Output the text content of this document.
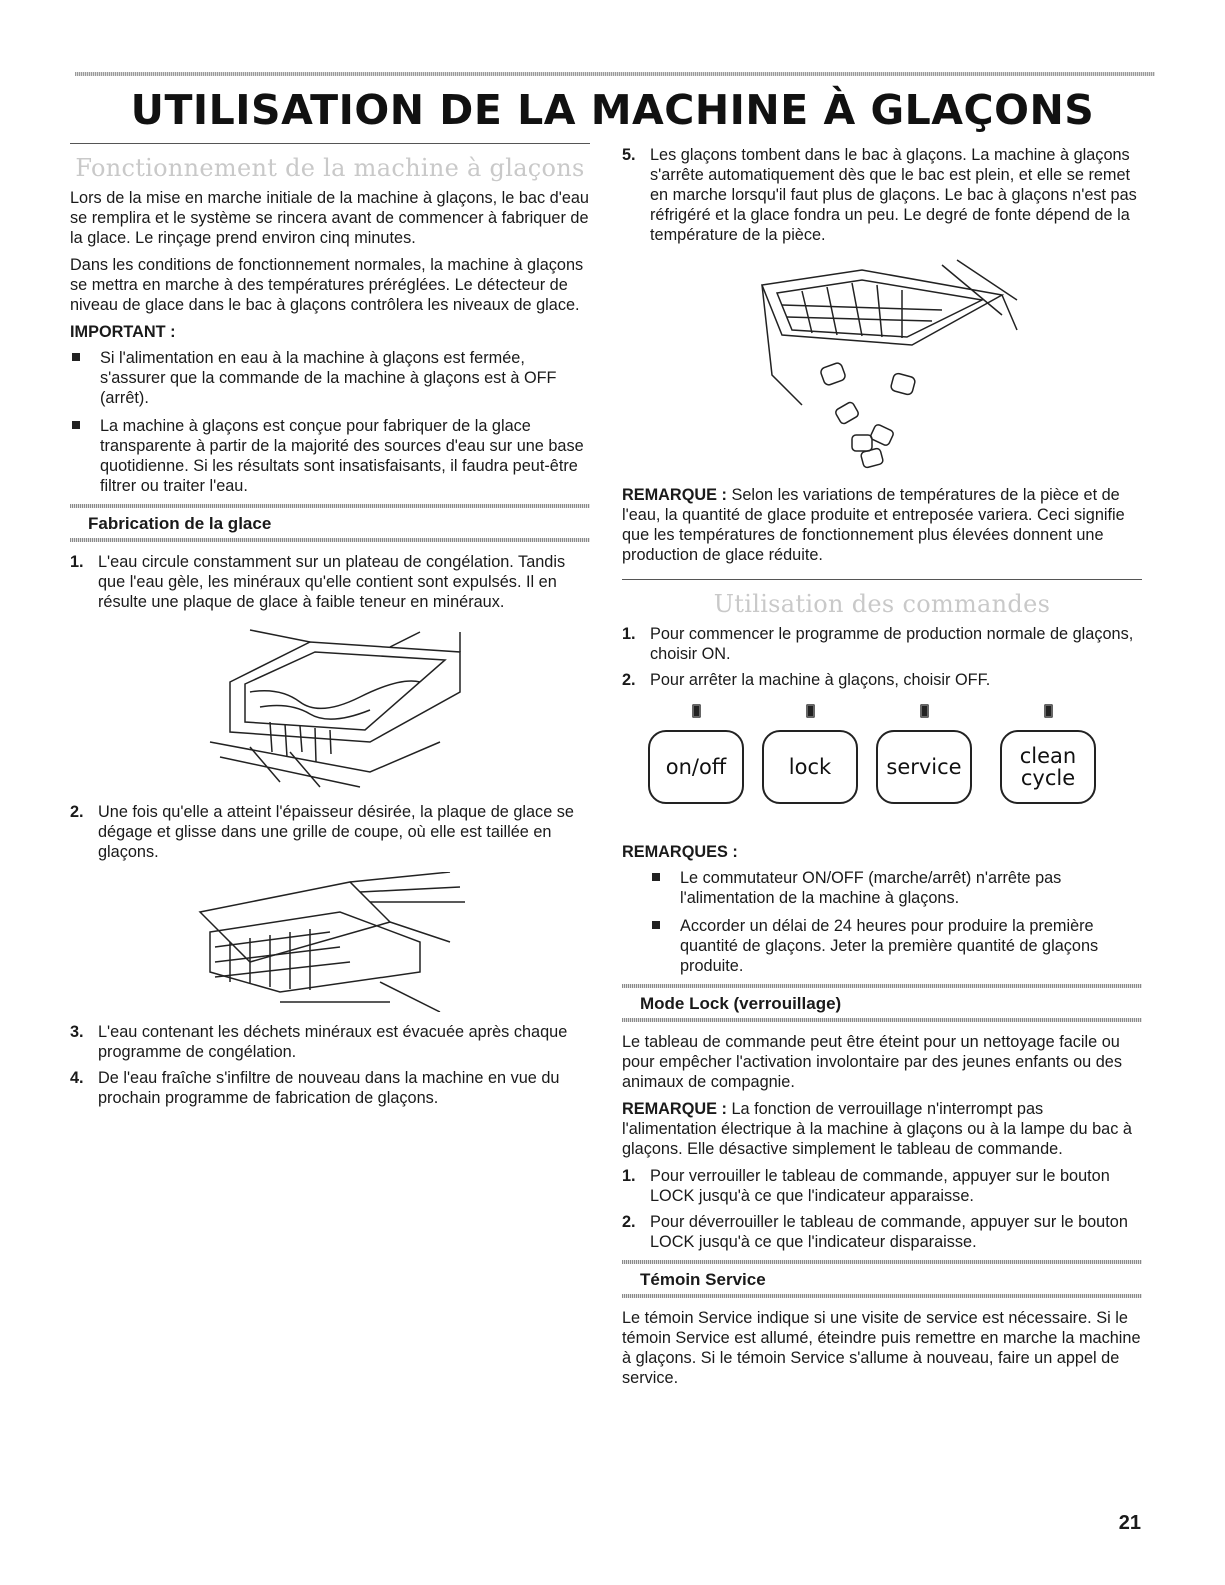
UTILISATION DE LA MACHINE À GLAÇONS
Fonctionnement de la machine à glaçons

Lors de la mise en marche initiale de la machine à glaçons, le bac d'eau se remplira et le système se rincera avant de commencer à fabriquer de la glace. Le rinçage prend environ cinq minutes.

Dans les conditions de fonctionnement normales, la machine à glaçons se mettra en marche à des températures préréglées. Le détecteur de niveau de glace dans le bac à glaçons contrôlera les niveaux de glace.

IMPORTANT :
Si l'alimentation en eau à la machine à glaçons est fermée, s'assurer que la commande de la machine à glaçons est à OFF (arrêt).
La machine à glaçons est conçue pour fabriquer de la glace transparente à partir de la majorité des sources d'eau sur une base quotidienne. Si les résultats sont insatisfaisants, il faudra peut-être filtrer ou traiter l'eau.
Fabrication de la glace
1. L'eau circule constamment sur un plateau de congélation. Tandis que l'eau gèle, les minéraux qu'elle contient sont expulsés. Il en résulte une plaque de glace à faible teneur en minéraux.
2. Une fois qu'elle a atteint l'épaisseur désirée, la plaque de glace se dégage et glisse dans une grille de coupe, où elle est taillée en glaçons.
3. L'eau contenant les déchets minéraux est évacuée après chaque programme de congélation.
4. De l'eau fraîche s'infiltre de nouveau dans la machine en vue du prochain programme de fabrication de glaçons.
5. Les glaçons tombent dans le bac à glaçons. La machine à glaçons s'arrête automatiquement dès que le bac est plein, et elle se remet en marche lorsqu'il faut plus de glaçons. Le bac à glaçons n'est pas réfrigéré et la glace fondra un peu. Le degré de fonte dépend de la température de la pièce.

REMARQUE : Selon les variations de températures de la pièce et de l'eau, la quantité de glace produite et entreposée variera. Ceci signifie que les températures de fonctionnement plus élevées donnent une production de glace réduite.

Utilisation des commandes
1. Pour commencer le programme de production normale de glaçons, choisir ON.
2. Pour arrêter la machine à glaçons, choisir OFF.
on/off	lock	service	clean cycle
REMARQUES :
Le commutateur ON/OFF (marche/arrêt) n'arrête pas l'alimentation de la machine à glaçons.
Accorder un délai de 24 heures pour produire la première quantité de glaçons. Jeter la première quantité de glaçons produite.
Mode Lock (verrouillage)

Le tableau de commande peut être éteint pour un nettoyage facile ou pour empêcher l'activation involontaire par des jeunes enfants ou des animaux de compagnie.

REMARQUE : La fonction de verrouillage n'interrompt pas l'alimentation électrique à la machine à glaçons ou à la lampe du bac à glaçons. Elle désactive simplement le tableau de commande.

1. Pour verrouiller le tableau de commande, appuyer sur le bouton LOCK jusqu'à ce que l'indicateur apparaisse.
2. Pour déverrouiller le tableau de commande, appuyer sur le bouton LOCK jusqu'à ce que l'indicateur disparaisse.
Témoin Service

Le témoin Service indique si une visite de service est nécessaire. Si le témoin Service est allumé, éteindre puis remettre en marche la machine à glaçons. Si le témoin Service s'allume à nouveau, faire un appel de service.

21
